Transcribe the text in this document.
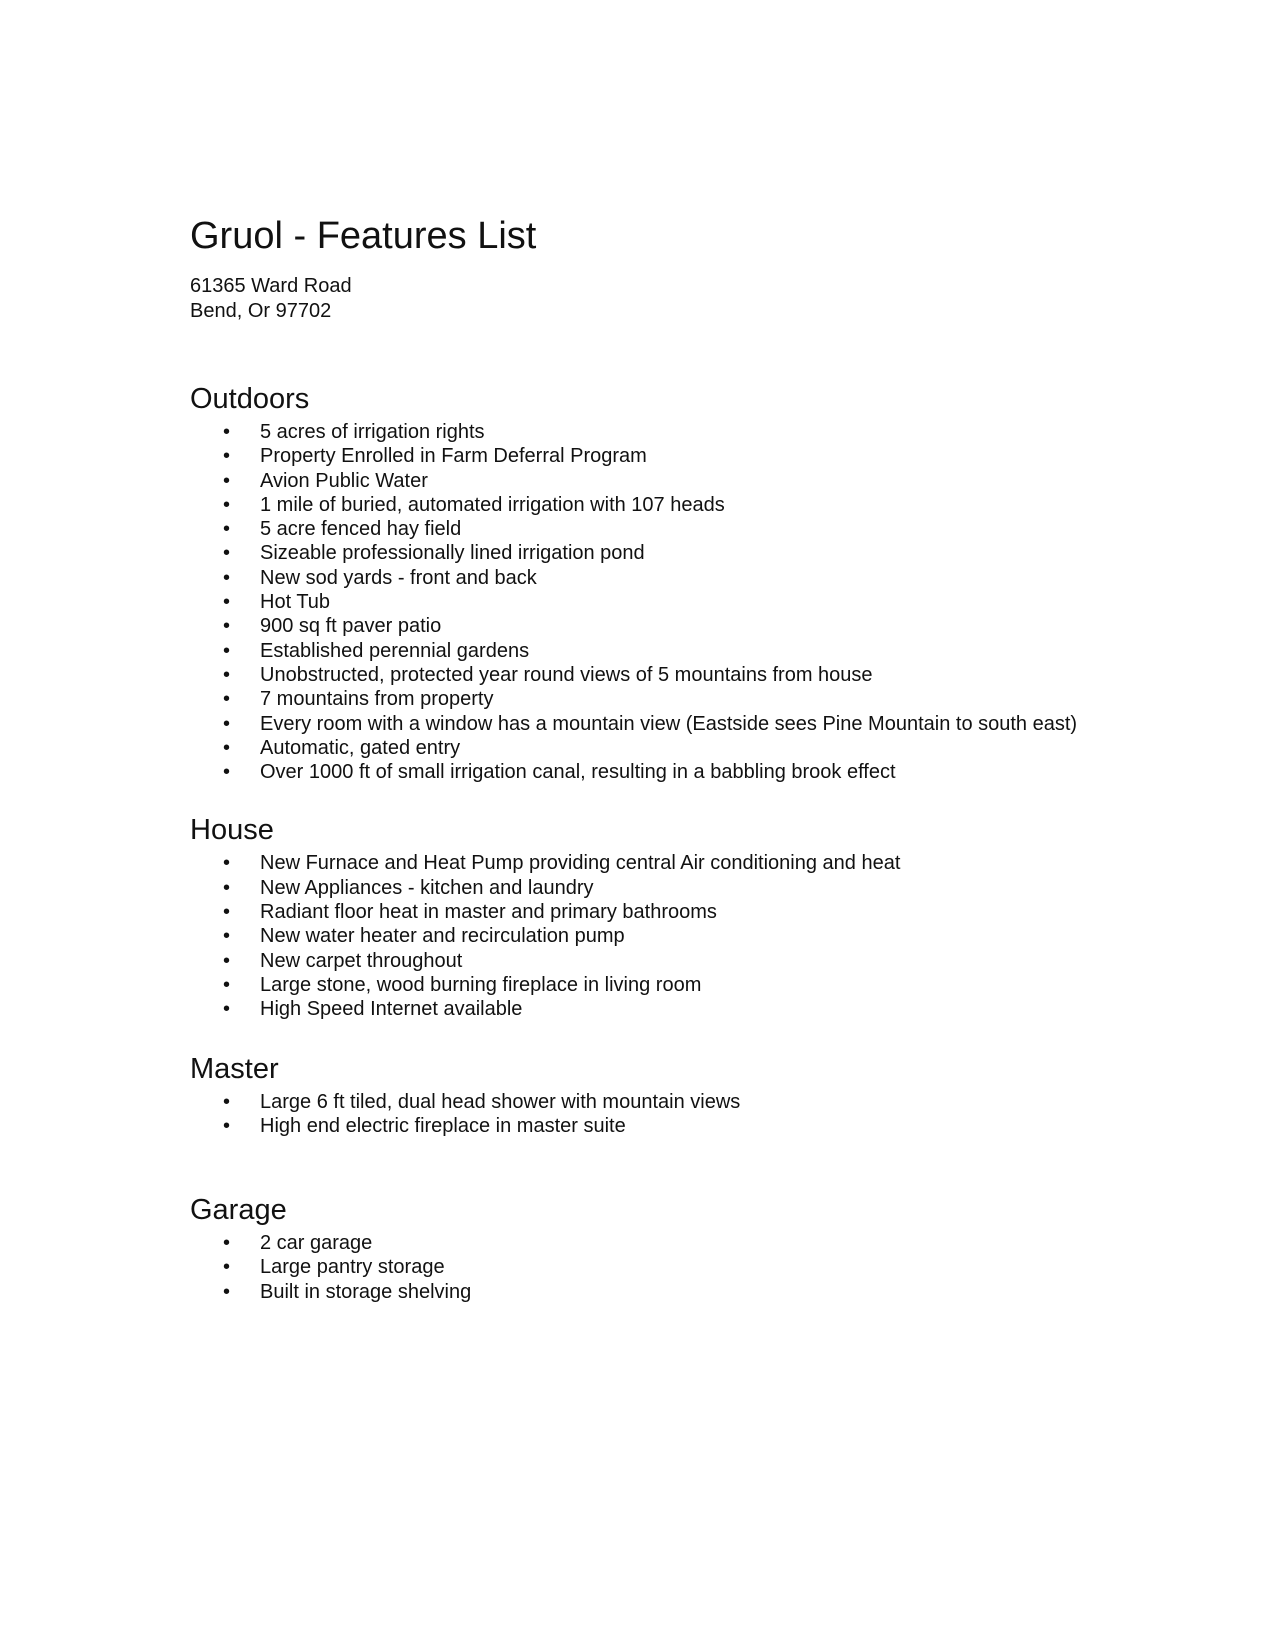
Gruol - Features List
61365 Ward Road
Bend, Or 97702
Outdoors
• 5 acres of irrigation rights
• Property Enrolled in Farm Deferral Program
• Avion Public Water
• 1 mile of buried, automated irrigation with 107 heads
• 5 acre fenced hay field
• Sizeable professionally lined irrigation pond
• New sod yards - front and back
• Hot Tub
• 900 sq ft paver patio
• Established perennial gardens
• Unobstructed, protected year round views of 5 mountains from house
• 7 mountains from property
• Every room with a window has a mountain view (Eastside sees Pine Mountain to south east)
• Automatic, gated entry
• Over 1000 ft of small irrigation canal, resulting in a babbling brook effect
House
• New Furnace and Heat Pump providing central Air conditioning and heat
• New Appliances - kitchen and laundry
• Radiant floor heat in master and primary bathrooms
• New water heater and recirculation pump
• New carpet throughout
• Large stone, wood burning fireplace in living room
• High Speed Internet available
Master
• Large 6 ft tiled, dual head shower with mountain views
• High end electric fireplace in master suite
Garage
• 2 car garage
• Large pantry storage
• Built in storage shelving
